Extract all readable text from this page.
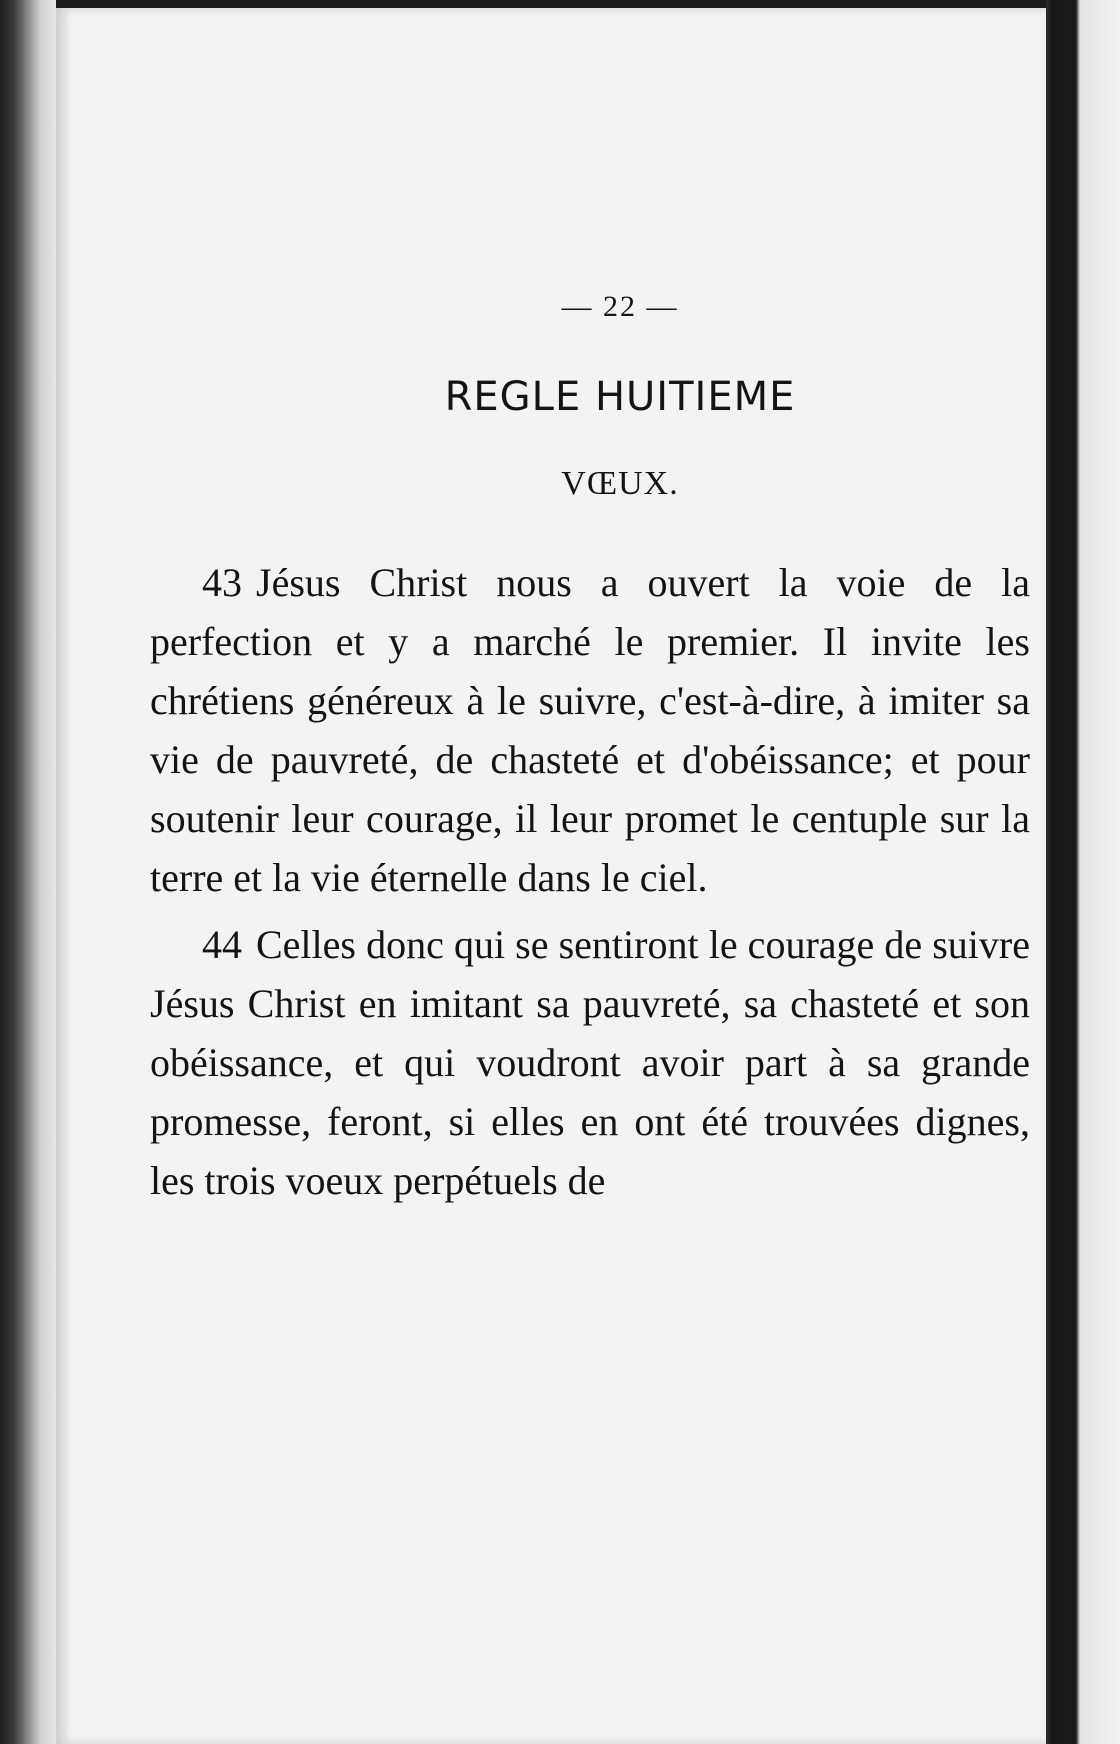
— 22 —
REGLE HUITIEME
VŒUX.

43 Jésus Christ nous a ouvert la voie de la perfection et y a marché le premier. Il invite les chrétiens généreux à le suivre, c'est-à-dire, à imiter sa vie de pauvreté, de chasteté et d'obéissance; et pour soutenir leur courage, il leur promet le centuple sur la terre et la vie éternelle dans le ciel.

44 Celles donc qui se sentiront le courage de suivre Jésus Christ en imitant sa pauvreté, sa chasteté et son obéissance, et qui voudront avoir part à sa grande promesse, feront, si elles en ont été trouvées dignes, les trois voeux perpétuels de
